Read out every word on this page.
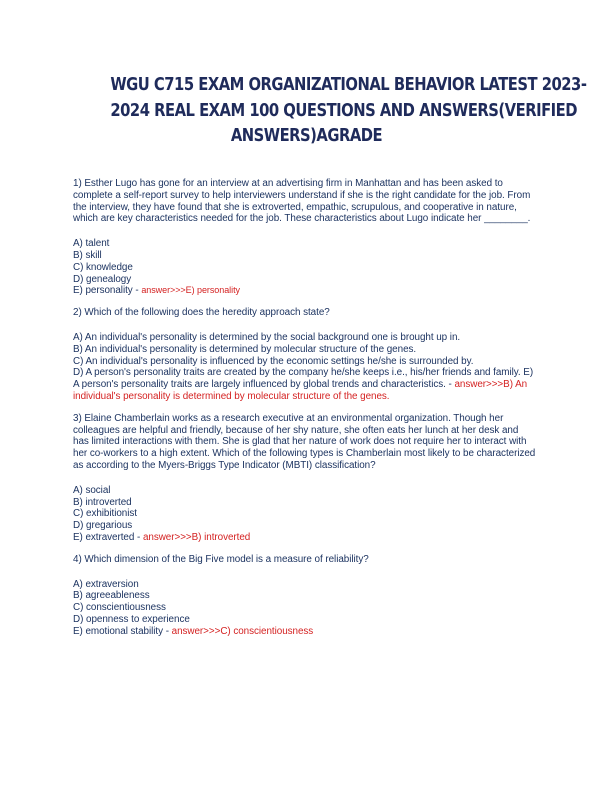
WGU C715 EXAM ORGANIZATIONAL BEHAVIOR LATEST 2023-
2024 REAL EXAM 100 QUESTIONS AND ANSWERS(VERIFIED
ANSWERS)AGRADE
1) Esther Lugo has gone for an interview at an advertising firm in Manhattan and has been asked to
complete a self-report survey to help interviewers understand if she is the right candidate for the job. From
the interview, they have found that she is extroverted, empathic, scrupulous, and cooperative in nature,
which are key characteristics needed for the job. These characteristics about Lugo indicate her ________.
A) talent
B) skill
C) knowledge
D) genealogy
E) personality - answer>>>E) personality
2) Which of the following does the heredity approach state?
A) An individual's personality is determined by the social background one is brought up in.
B) An individual's personality is determined by molecular structure of the genes.
C) An individual's personality is influenced by the economic settings he/she is surrounded by.
D) A person's personality traits are created by the company he/she keeps i.e., his/her friends and family. E)
A person's personality traits are largely influenced by global trends and characteristics. - answer>>>B) An
individual's personality is determined by molecular structure of the genes.
3) Elaine Chamberlain works as a research executive at an environmental organization. Though her
colleagues are helpful and friendly, because of her shy nature, she often eats her lunch at her desk and
has limited interactions with them. She is glad that her nature of work does not require her to interact with
her co-workers to a high extent. Which of the following types is Chamberlain most likely to be characterized
as according to the Myers-Briggs Type Indicator (MBTI) classification?
A) social
B) introverted
C) exhibitionist
D) gregarious
E) extraverted - answer>>>B) introverted
4) Which dimension of the Big Five model is a measure of reliability?
A) extraversion
B) agreeableness
C) conscientiousness
D) openness to experience
E) emotional stability - answer>>>C) conscientiousness
